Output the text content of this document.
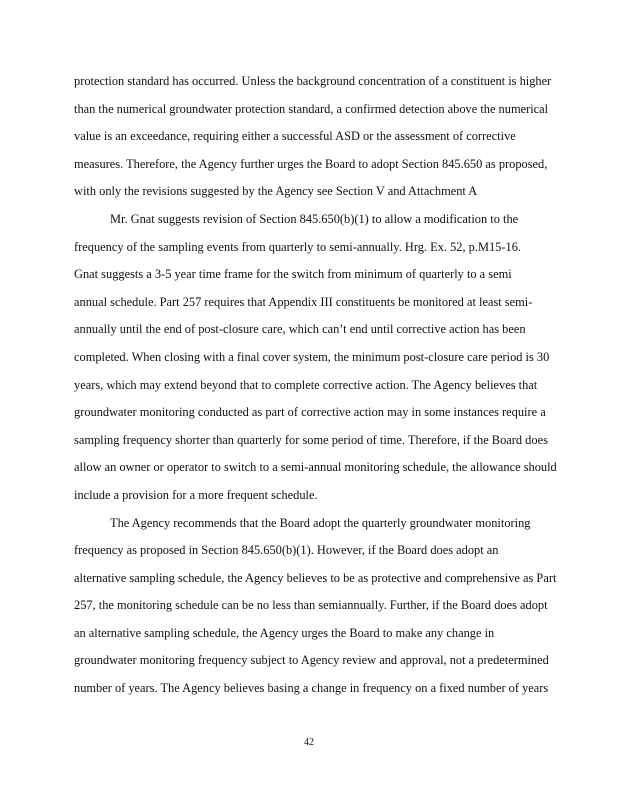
protection standard has occurred. Unless the background concentration of a constituent is higher
than the numerical groundwater protection standard, a confirmed detection above the numerical
value is an exceedance, requiring either a successful ASD or the assessment of corrective
measures. Therefore, the Agency further urges the Board to adopt Section 845.650 as proposed,
with only the revisions suggested by the Agency see Section V and Attachment A
Mr. Gnat suggests revision of Section 845.650(b)(1) to allow a modification to the
frequency of the sampling events from quarterly to semi-annually. Hrg. Ex. 52, p.M15-16.
Gnat suggests a 3-5 year time frame for the switch from minimum of quarterly to a semi
annual schedule. Part 257 requires that Appendix III constituents be monitored at least semi-
annually until the end of post-closure care, which can’t end until corrective action has been
completed. When closing with a final cover system, the minimum post-closure care period is 30
years, which may extend beyond that to complete corrective action. The Agency believes that
groundwater monitoring conducted as part of corrective action may in some instances require a
sampling frequency shorter than quarterly for some period of time. Therefore, if the Board does
allow an owner or operator to switch to a semi-annual monitoring schedule, the allowance should
include a provision for a more frequent schedule.
The Agency recommends that the Board adopt the quarterly groundwater monitoring
frequency as proposed in Section 845.650(b)(1). However, if the Board does adopt an
alternative sampling schedule, the Agency believes to be as protective and comprehensive as Part
257, the monitoring schedule can be no less than semiannually. Further, if the Board does adopt
an alternative sampling schedule, the Agency urges the Board to make any change in
groundwater monitoring frequency subject to Agency review and approval, not a predetermined
number of years. The Agency believes basing a change in frequency on a fixed number of years
42
